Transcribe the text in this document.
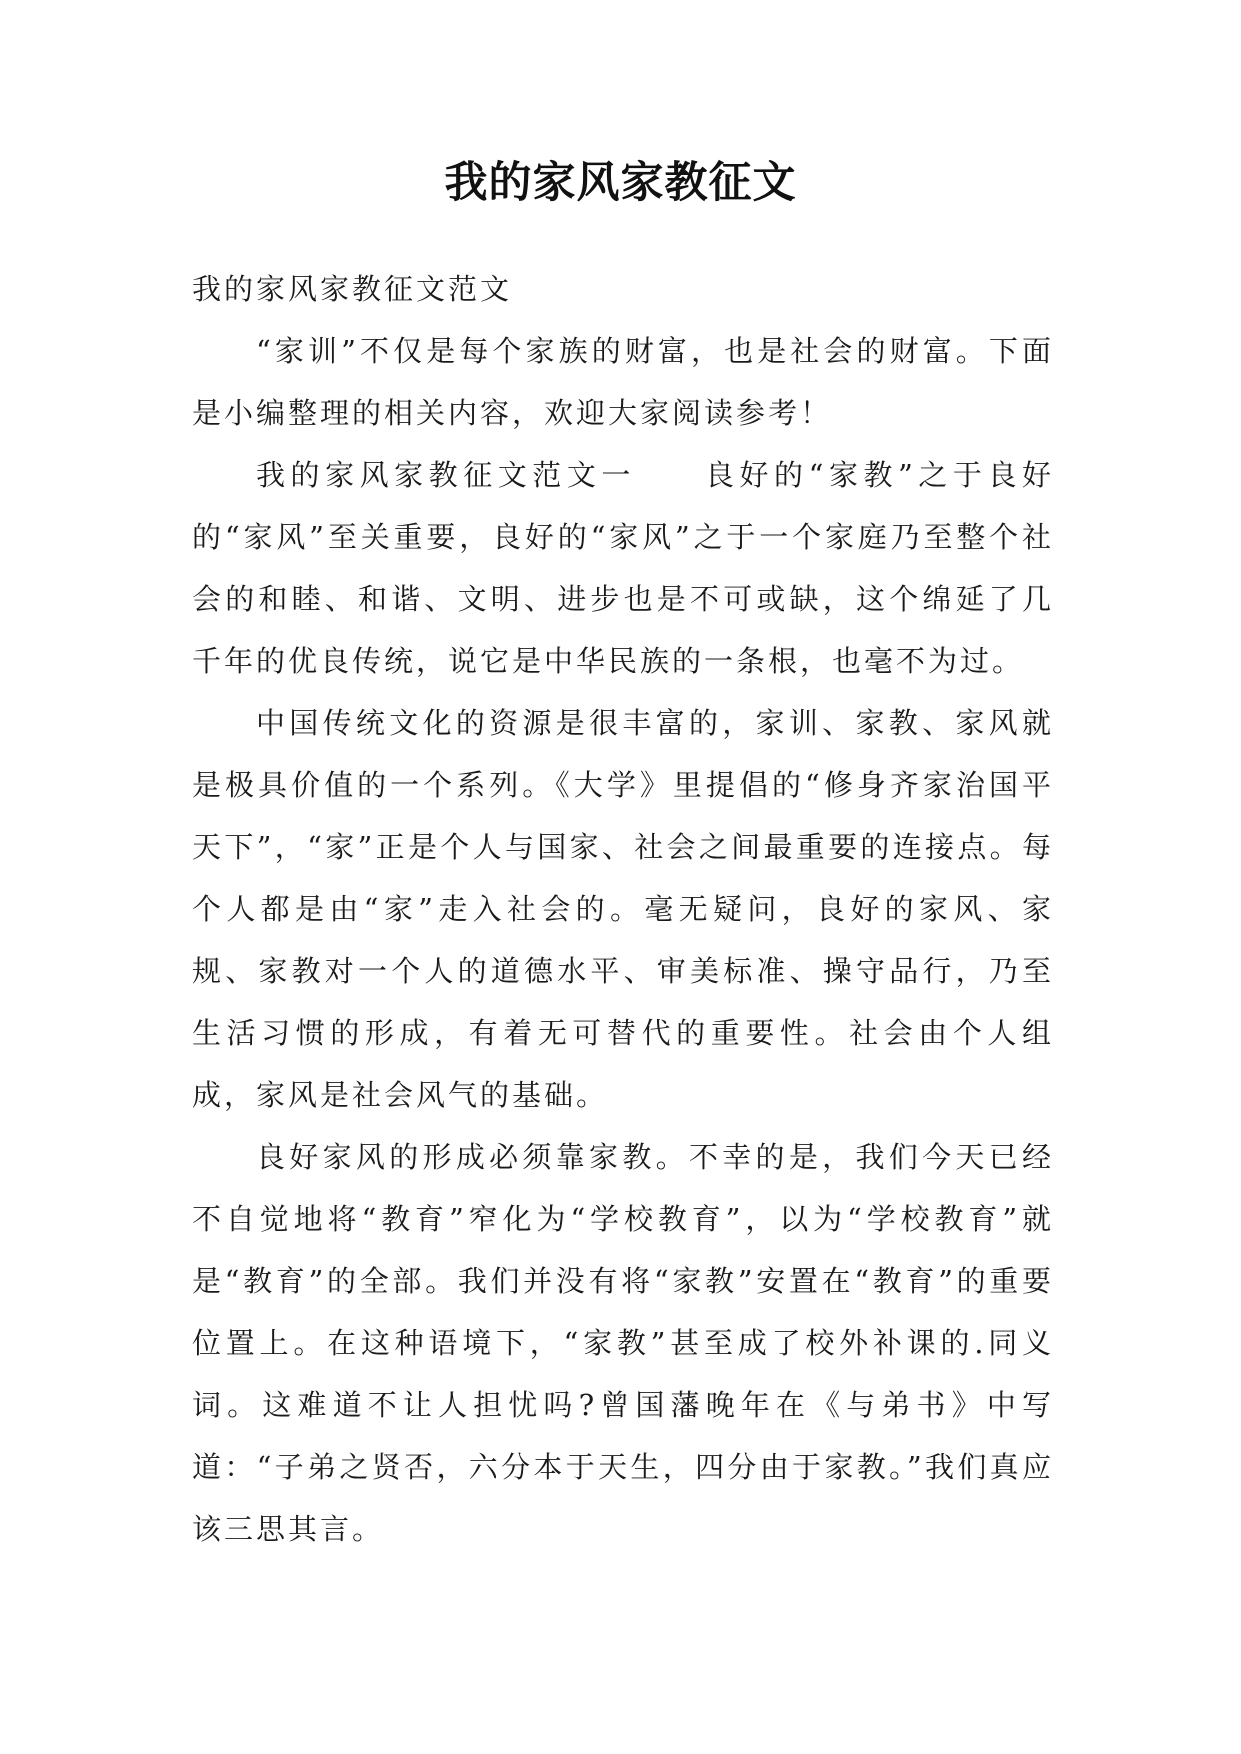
我的家风家教征文

我的家风家教征文范文

“家训”不仅是每个家族的财富，也是社会的财富。下面是小编整理的相关内容，欢迎大家阅读参考！

我的家风家教征文范文一　　良好的“家教”之于良好的“家风”至关重要，良好的“家风”之于一个家庭乃至整个社会的和睦、和谐、文明、进步也是不可或缺，这个绵延了几千年的优良传统，说它是中华民族的一条根，也毫不为过。

中国传统文化的资源是很丰富的，家训、家教、家风就是极具价值的一个系列。《大学》里提倡的“修身齐家治国平天下”，“家”正是个人与国家、社会之间最重要的连接点。每个人都是由“家”走入社会的。毫无疑问，良好的家风、家规、家教对一个人的道德水平、审美标准、操守品行，乃至生活习惯的形成，有着无可替代的重要性。社会由个人组成，家风是社会风气的基础。

良好家风的形成必须靠家教。不幸的是，我们今天已经不自觉地将“教育”窄化为“学校教育”，以为“学校教育”就是“教育”的全部。我们并没有将“家教”安置在“教育”的重要位置上。在这种语境下，“家教”甚至成了校外补课的.同义词。这难道不让人担忧吗?曾国藩晚年在《与弟书》中写道：“子弟之贤否，六分本于天生，四分由于家教。”我们真应该三思其言。
